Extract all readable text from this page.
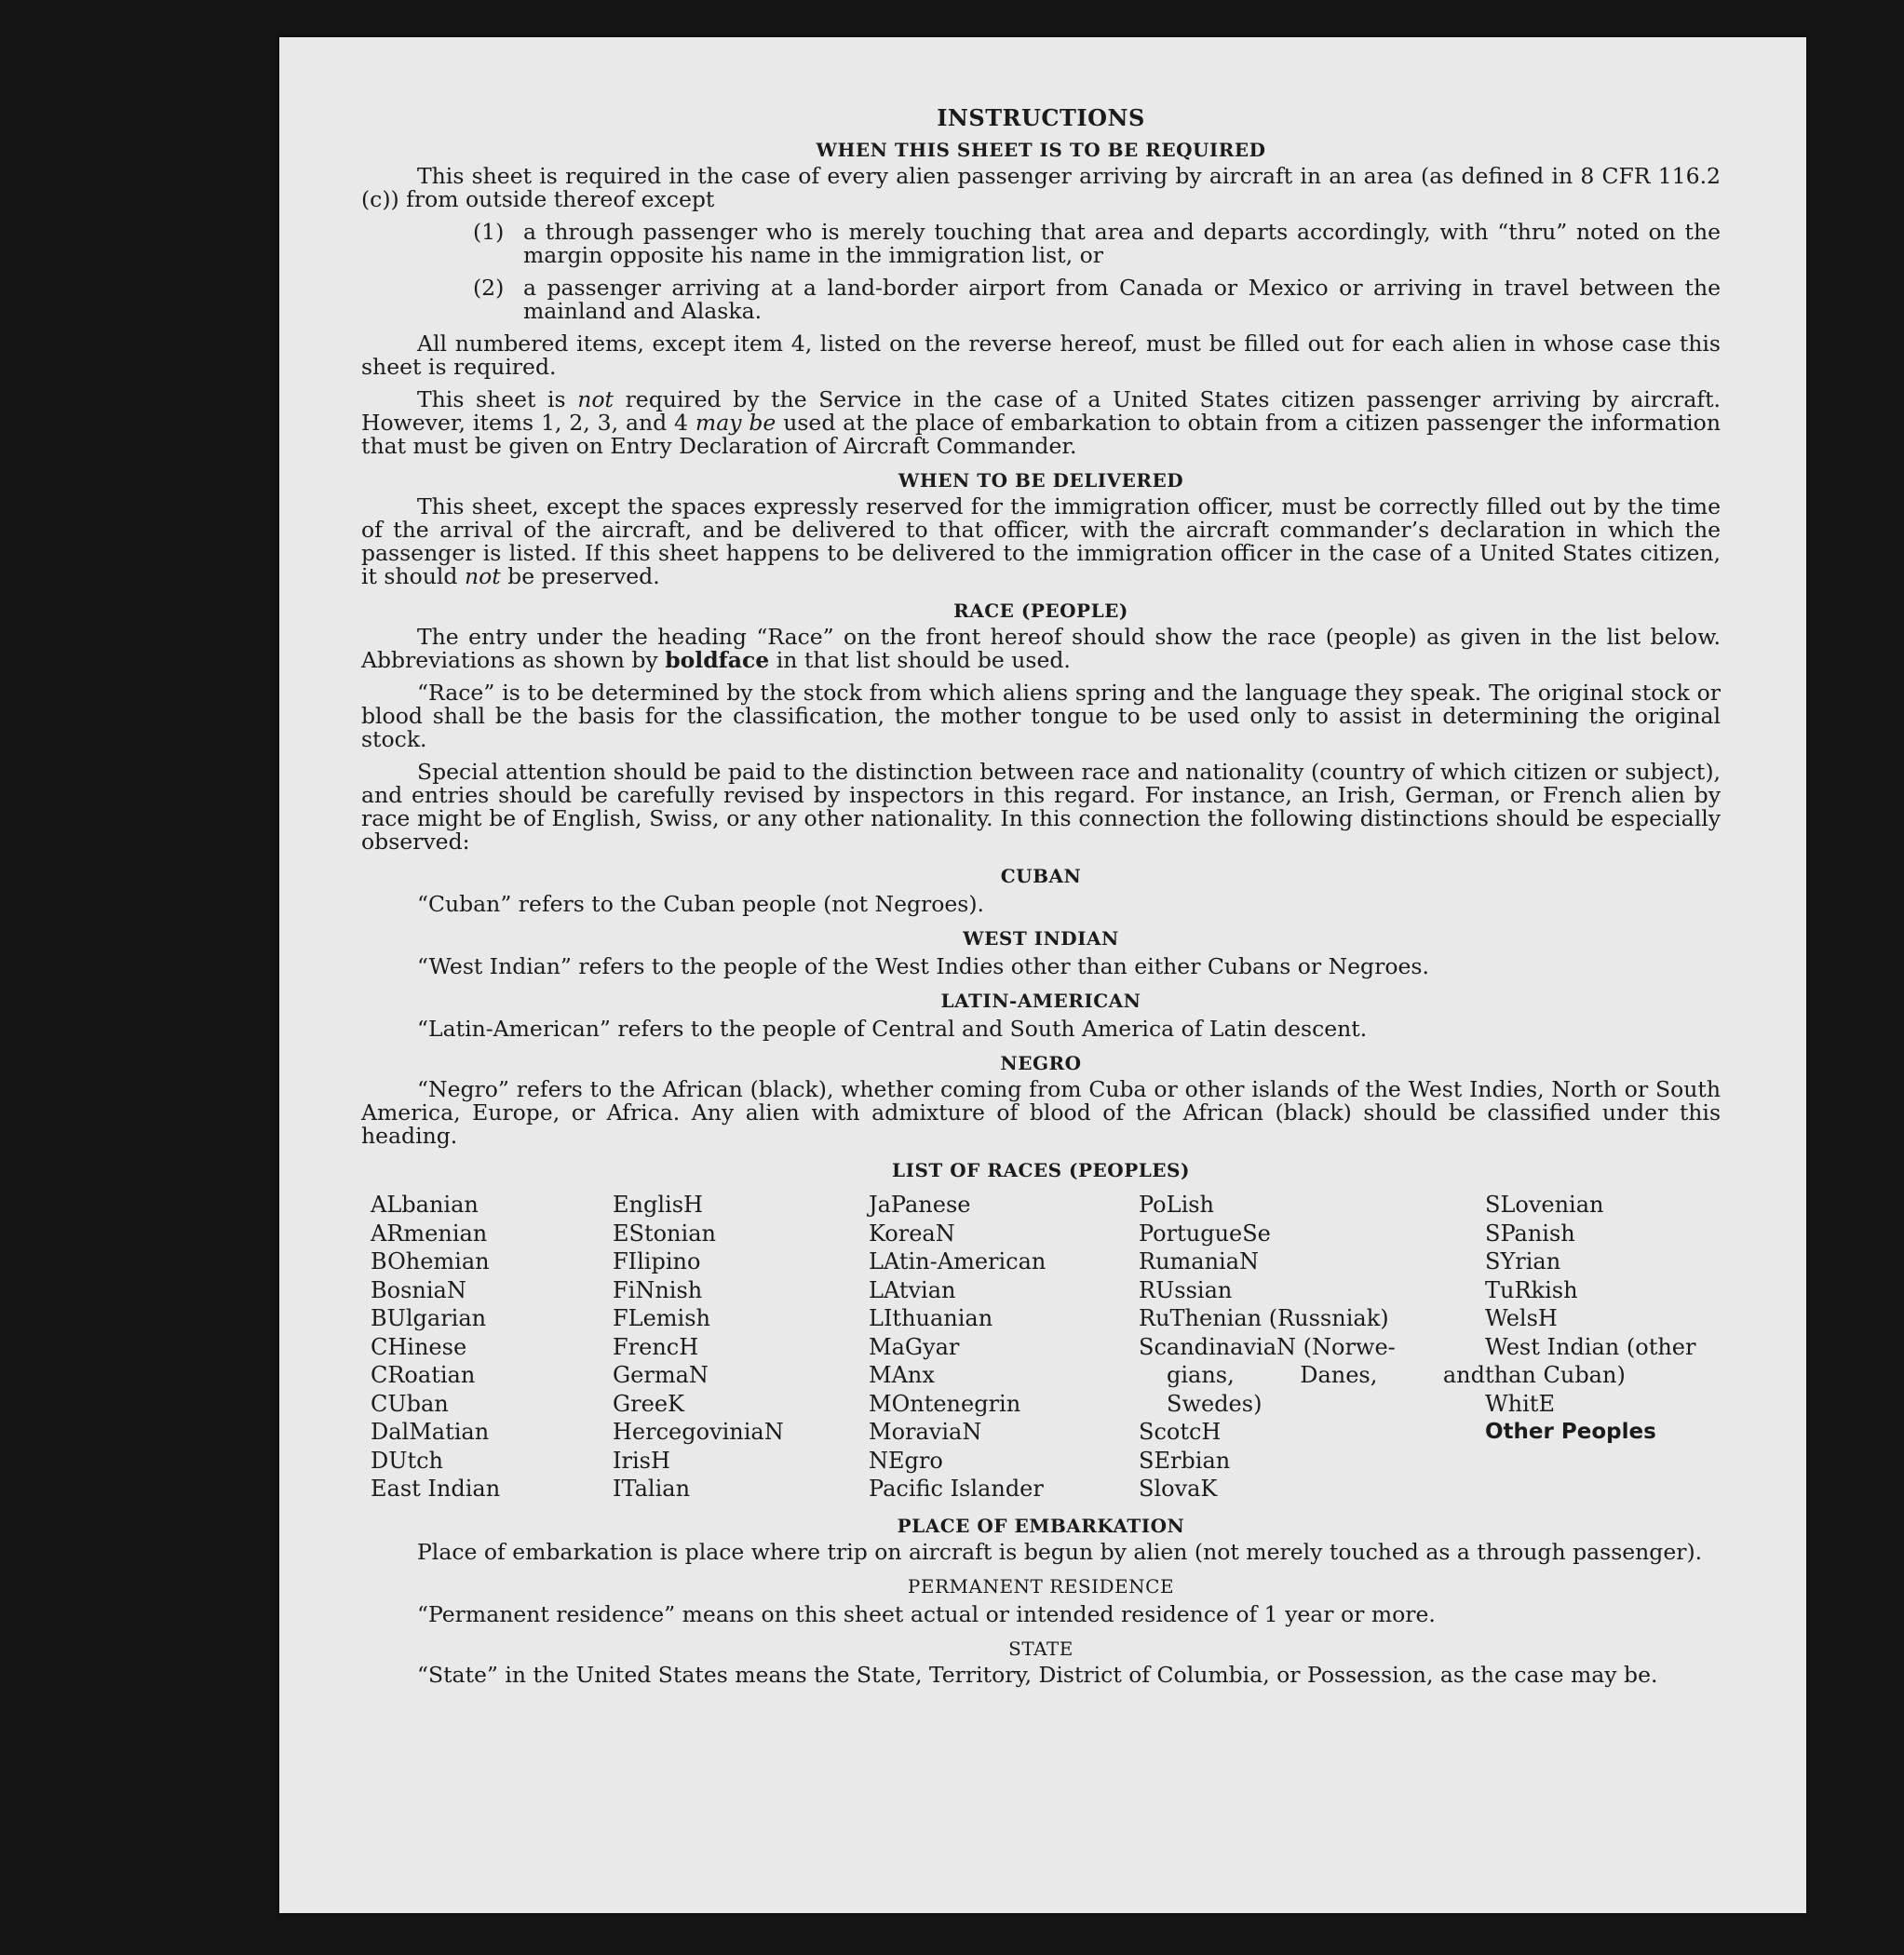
INSTRUCTIONS
WHEN THIS SHEET IS TO BE REQUIRED

This sheet is required in the case of every alien passenger arriving by aircraft in an area (as defined in 8 CFR 116.2 (c)) from outside thereof except

(1) a through passenger who is merely touching that area and departs accordingly, with “thru” noted on the margin opposite his name in the immigration list, or
(2) a passenger arriving at a land-border airport from Canada or Mexico or arriving in travel between the mainland and Alaska.

All numbered items, except item 4, listed on the reverse hereof, must be filled out for each alien in whose case this sheet is required.

This sheet is not required by the Service in the case of a United States citizen passenger arriving by aircraft. However, items 1, 2, 3, and 4 may be used at the place of embarkation to obtain from a citizen passenger the information that must be given on Entry Declaration of Aircraft Commander.

WHEN TO BE DELIVERED

This sheet, except the spaces expressly reserved for the immigration officer, must be correctly filled out by the time of the arrival of the aircraft, and be delivered to that officer, with the aircraft commander’s declaration in which the passenger is listed. If this sheet happens to be delivered to the immigration officer in the case of a United States citizen, it should not be preserved.

RACE (PEOPLE)

The entry under the heading “Race” on the front hereof should show the race (people) as given in the list below. Abbreviations as shown by boldface in that list should be used.

“Race” is to be determined by the stock from which aliens spring and the language they speak. The original stock or blood shall be the basis for the classification, the mother tongue to be used only to assist in determining the original stock.

Special attention should be paid to the distinction between race and nationality (country of which citizen or subject), and entries should be carefully revised by inspectors in this regard. For instance, an Irish, German, or French alien by race might be of English, Swiss, or any other nationality. In this connection the following distinctions should be especially observed:

CUBAN

“Cuban” refers to the Cuban people (not Negroes).

WEST INDIAN

“West Indian” refers to the people of the West Indies other than either Cubans or Negroes.

LATIN-AMERICAN

“Latin-American” refers to the people of Central and South America of Latin descent.

NEGRO

“Negro” refers to the African (black), whether coming from Cuba or other islands of the West Indies, North or South America, Europe, or Africa. Any alien with admixture of blood of the African (black) should be classified under this heading.

LIST OF RACES (PEOPLES)
ALbanian
ARmenian
BOhemian
BosniaN
BUlgarian
CHinese
CRoatian
CUban
DalMatian
DUtch
East Indian
EnglisH
EStonian
FIlipino
FiNnish
FLemish
FrencH
GermaN
GreeK
HercegoviniaN
IrisH
ITalian
JaPanese
KoreaN
LAtin-American
LAtvian
LIthuanian
MaGyar
MAnx
MOntenegrin
MoraviaN
NEgro
Pacific Islander
PoLish
PortugueSe
RumaniaN
RUssian
RuThenian (Russniak)
ScandinaviaN (Norwe-
gians,	Danes,	and
Swedes)
ScotcH
SErbian
SlovaK
SLovenian
SPanish
SYrian
TuRkish
WelsH
West Indian (other
than Cuban)
WhitE
Other Peoples
PLACE OF EMBARKATION

Place of embarkation is place where trip on aircraft is begun by alien (not merely touched as a through passenger).

PERMANENT RESIDENCE

“Permanent residence” means on this sheet actual or intended residence of 1 year or more.

STATE

“State” in the United States means the State, Territory, District of Columbia, or Possession, as the case may be.
